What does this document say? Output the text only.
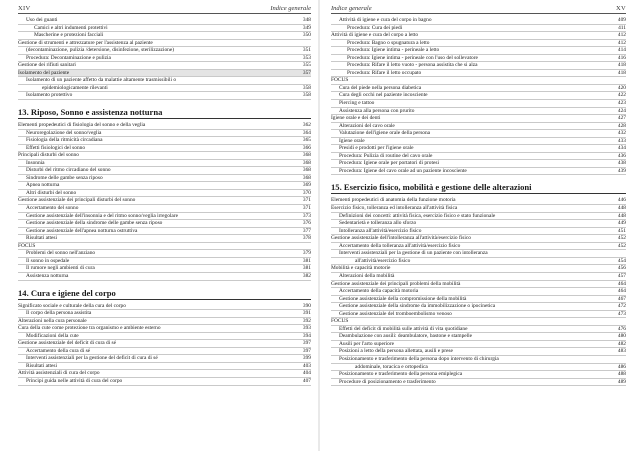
XIV	Indice generale
Uso dei guanti	348
Camici e altri indumenti protettivi	349
Mascherine e protezioni facciali	350
Gestione di strumenti e attrezzature per l'assistenza al paziente
(decontaminazione, pulizia /detersione, disinfezione, sterilizzazione)	351
Procedura: Decontaminazione e pulizia	353
Gestione dei rifiuti sanitari	355
Isolamento del paziente	357
Isolamento di un paziente affetto da malattie altamente trasmissibili o
epidemiologicamente rilevanti	358
Isolamento protettivo	358
13. Riposo, Sonno e assistenza notturna
Elementi propedeutici di fisiologia del sonno e della veglia	362
Neuroregolazione del sonno/veglia	364
Fisiologia della ritmicità circadiana	365
Effetti fisiologici del sonno	366
Principali disturbi del sonno	368
Insonnia	368
Disturbi del ritmo circadiano del sonno	368
Sindrome delle gambe senza riposo	368
Apnea notturna	369
Altri disturbi del sonno	370
Gestione assistenziale dei principali disturbi del sonno	371
Accertamento del sonno	371
Gestione assistenziale dell'insonnia e del ritmo sonno/veglia irregolare	373
Gestione assistenziale della sindrome delle gambe senza riposo	376
Gestione assistenziale dell'apnea notturna ostruttiva	377
Risultati attesi	378
FOCUS
Problemi del sonno nell'anziano	379
Il sonno in ospedale	381
Il rumore negli ambienti di cura	381
Assistenza notturna	382
14. Cura e igiene del corpo
Significato sociale e culturale della cura del corpo	390
Il corpo della persona assistita	391
Alterazioni nella cura personale	392
Cura della cute come protezione tra organismo e ambiente esterno	393
Modificazioni della cute	394
Gestione assistenziale del deficit di cura di sé	397
Accertamento della cura di sé	397
Interventi assistenziali per la gestione del deficit di cura di sé	399
Risultati attesi	403
Attività assistenziali di cura del corpo	404
Principi guida nelle attività di cura del corpo	407
Indice generale	XV
Attività di igiene e cura del corpo in bagno	409
Procedura: Cura dei piedi	411
Attività di igiene e cura del corpo a letto	412
Procedura: Bagno o spugnatura a letto	412
Procedura: Igiene intima - perineale a letto	414
Procedura: Igiene intima - perineale con l'uso del sollevatore	416
Procedura: Rifare il letto vuoto - persona assistita che si alza	418
Procedura: Rifare il letto occupato	418
FOCUS
Cura del piede nella persona diabetica	420
Cura degli occhi nel paziente incosciente	422
Piercing e tattoo	423
Assistenza alla persona con prurito	424
Igiene orale e dei denti	427
Alterazioni del cavo orale	428
Valutazione dell'igiene orale della persona	432
Igiene orale	433
Presidi e prodotti per l'igiene orale	434
Procedura: Pulizia di routine del cavo orale	436
Procedura: Igiene orale per portatori di protesi	438
Procedura: Igiene del cavo orale ad un paziente incosciente	439
15. Esercizio fisico, mobilità e gestione delle alterazioni
Elementi propedeutici di anatomia della funzione motoria	446
Esercizio fisico, tolleranza ed intolleranza all'attività fisica	448
Definizioni dei concetti: attività fisica, esercizio fisico e stato funzionale	448
Sedentarietà e tolleranza allo sforzo	449
Intolleranza all'attività/esercizio fisico	451
Gestione assistenziale dell'intolleranza all'attività/esercizio fisico	452
Accertamento della tolleranza all'attività/esercizio fisico	452
Interventi assistenziali per la gestione di un paziente con intolleranza
all'attività/esercizio fisico	454
Mobilità e capacità motorie	456
Alterazioni della mobilità	457
Gestione assistenziale dei principali problemi della mobilità	464
Accertamento della capacità motoria	464
Gestione assistenziale della compromissione della mobilità	467
Gestione assistenziale della sindrome da immobilizzazione o ipocinetica	472
Gestione assistenziale del tromboembolismo venoso	473
FOCUS
Effetti del deficit di mobilità sulle attività di vita quotidiane	476
Deambulazione con ausili: deambulatore, bastone e stampelle	480
Ausili per l'arto superiore	482
Posizioni a letto della persona allettata, ausili e prese	483
Posizionamento e trasferimento della persona dopo intervento di chirurgia
addominale, toracica e ortopedica	486
Posizionamento e trasferimento della persona emiplegica	488
Procedure di posizionamento e trasferimento	489
